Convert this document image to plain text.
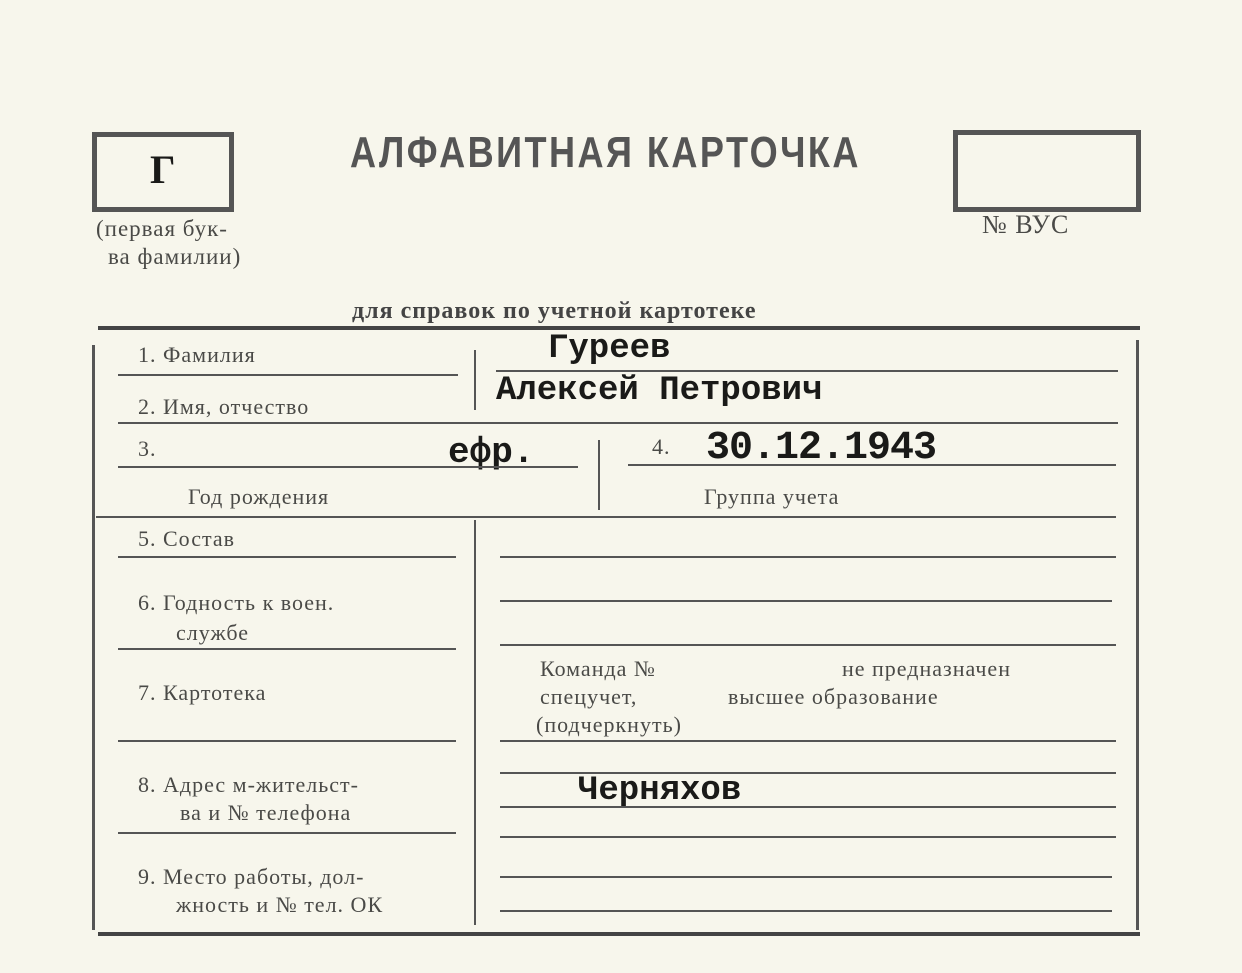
Г
(первая бук-
ва фамилии)
АЛФАВИТНАЯ КАРТОЧКА
№ ВУС
для справок по учетной картотеке
1. Фамилия	Гуреев
2. Имя, отчество	Алексей Петрович
3.	ефр.	4. 30.12.1943
Год рождения	Группа учета
5. Состав
6. Годность к воен.
службе
7. Картотека
Команда №	не предназначен
спецучет,	высшее образование
(подчеркнуть)
8. Адрес м-жительст-
ва и № телефона
Черняхов
9. Место работы, дол-
жность и № тел. ОК
